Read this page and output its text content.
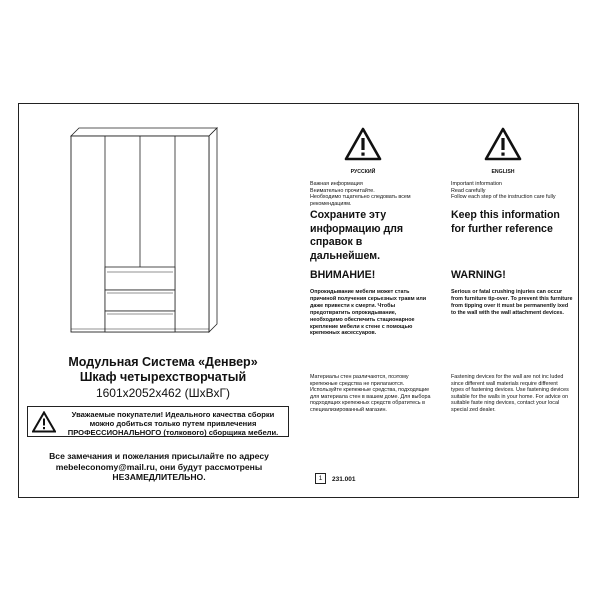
Модульная Система «Денвер»
Шкаф четырехстворчатый
1601x2052x462 (ШхВхГ)
Уважаемые покупатели! Идеального качества сборки можно добиться только путем привлечения ПРОФЕССИОНАЛЬНОГО (толкового) сборщика мебели.
Все замечания и пожелания присылайте по адресу mebeleconomy@mail.ru, они будут рассмотрены НЕЗАМЕДЛИТЕЛЬНО.
РУССКИЙ
Важная информация
Внимательно прочитайте.
Необходимо тщательно следовать всем рекомендациям.
Сохраните эту информацию для справок в дальнейшем.
ВНИМАНИЕ!
Опрокидывание мебели может стать причиной получения серьезных травм или даже привести к смерти. Чтобы предотвратить опрокидывание, необходимо обеспечить стационарное крепление мебели к стене с помощью крепежных аксессуаров.
Материалы стен различаются, поэтому крепежные средства не прилагаются. Используйте крепежные средства, подходящие для материала стен в вашем доме. Для выбора подходящих крепежных средств обратитесь в специализированный магазин.
ENGLISH
Important information
Read carefully
Follow each step of the instruction care fully
Keep this information for further reference
WARNING!
Serious or fatal crushing injuries can occur from furniture tip-over. To prevent this furniture from tipping over it must be permanently ixed to the wall with the wall attachment devices.
Fastening devices for the wall are not inc luded since different wall materials require different types of fastening devices. Use fastening devices suitable for the walls in your home. For advice on suitable faste ning devices, contact your local special zed dealer.
1	231.001
